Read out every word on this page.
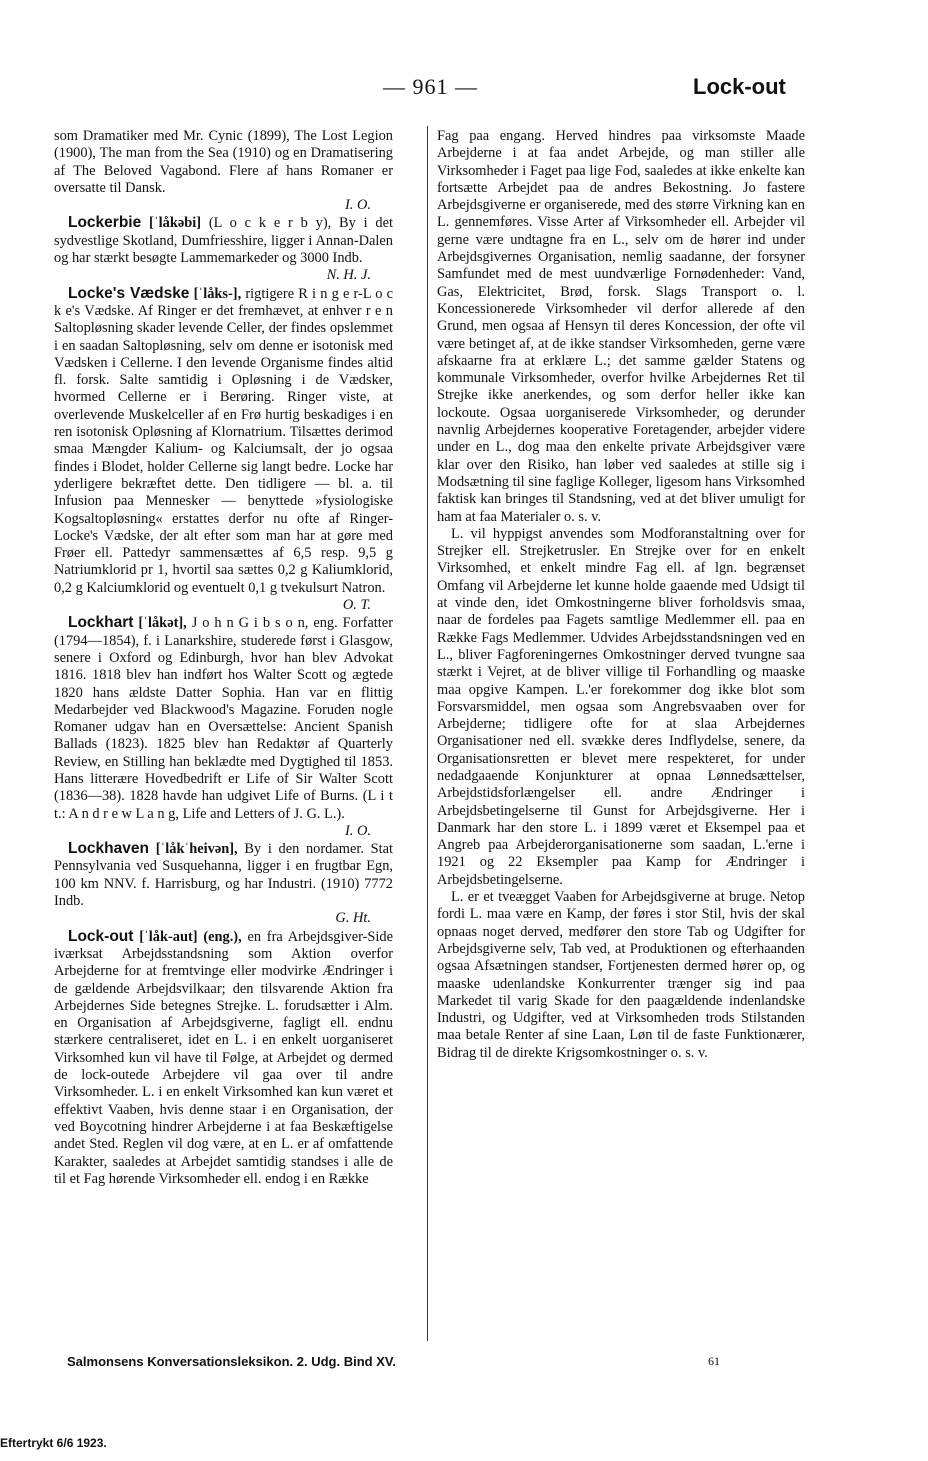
— 961 —	Lock-out

som Dramatiker med Mr. Cynic (1899), The Lost Legion (1900), The man from the Sea (1910) og en Dramatisering af The Beloved Vagabond. Flere af hans Romaner er oversatte til Dansk.
I. O.

Lockerbie [ˈlåkəbi] (L o c k e r b y), By i det sydvestlige Skotland, Dumfriesshire, ligger i Annan-Dalen og har stærkt besøgte Lammemarkeder og 3000 Indb.
N. H. J.

Locke's Vædske [ˈlåks-], rigtigere R i n g e r-L o c k e's Vædske. Af Ringer er det fremhævet, at enhver r e n Saltopløsning skader levende Celler, der findes opslemmet i en saadan Saltopløsning, selv om denne er isotonisk med Vædsken i Cellerne. I den levende Organisme findes altid fl. forsk. Salte samtidig i Opløsning i de Vædsker, hvormed Cellerne er i Berøring. Ringer viste, at overlevende Muskelceller af en Frø hurtig beskadiges i en ren isotonisk Opløsning af Klornatrium. Tilsættes derimod smaa Mængder Kalium- og Kalciumsalt, der jo ogsaa findes i Blodet, holder Cellerne sig langt bedre. Locke har yderligere bekræftet dette. Den tidligere — bl. a. til Infusion paa Mennesker — benyttede »fysiologiske Kogsaltopløsning« erstattes derfor nu ofte af Ringer-Locke's Vædske, der alt efter som man har at gøre med Frøer ell. Pattedyr sammensættes af 6,5 resp. 9,5 g Natriumklorid pr 1, hvortil saa sættes 0,2 g Kaliumklorid, 0,2 g Kalciumklorid og eventuelt 0,1 g tvekulsurt Natron.
O. T.

Lockhart [ˈlåkət], J o h n G i b s o n, eng. Forfatter (1794—1854), f. i Lanarkshire, studerede først i Glasgow, senere i Oxford og Edinburgh, hvor han blev Advokat 1816. 1818 blev han indført hos Walter Scott og ægtede 1820 hans ældste Datter Sophia. Han var en flittig Medarbejder ved Blackwood's Magazine. Foruden nogle Romaner udgav han en Oversættelse: Ancient Spanish Ballads (1823). 1825 blev han Redaktør af Quarterly Review, en Stilling han beklædte med Dygtighed til 1853. Hans litterære Hovedbedrift er Life of Sir Walter Scott (1836—38). 1828 havde han udgivet Life of Burns. (L i t t.: A n d r e w L a n g, Life and Letters of J. G. L.).
I. O.

Lockhaven [ˈlåkˈheivən], By i den nordamer. Stat Pennsylvania ved Susquehanna, ligger i en frugtbar Egn, 100 km NNV. f. Harrisburg, og har Industri. (1910) 7772 Indb.
G. Ht.

Lock-out [ˈlåk-aut] (eng.), en fra Arbejdsgiver-Side iværksat Arbejdsstandsning som Aktion overfor Arbejderne for at fremtvinge eller modvirke Ændringer i de gældende Arbejdsvilkaar; den tilsvarende Aktion fra Arbejdernes Side betegnes Strejke. L. forudsætter i Alm. en Organisation af Arbejdsgiverne, fagligt ell. endnu stærkere centraliseret, idet en L. i en enkelt uorganiseret Virksomhed kun vil have til Følge, at Arbejdet og dermed de lock-outede Arbejdere vil gaa over til andre Virksomheder. L. i en enkelt Virksomhed kan kun været et effektivt Vaaben, hvis denne staar i en Organisation, der ved Boycotning hindrer Arbejderne i at faa Beskæftigelse andet Sted. Reglen vil dog være, at en L. er af omfattende Karakter, saaledes at Arbejdet samtidig standses i alle de til et Fag hørende Virksomheder ell. endog i en Række

Fag paa engang. Herved hindres paa virksomste Maade Arbejderne i at faa andet Arbejde, og man stiller alle Virksomheder i Faget paa lige Fod, saaledes at ikke enkelte kan fortsætte Arbejdet paa de andres Bekostning. Jo fastere Arbejdsgiverne er organiserede, med des større Virkning kan en L. gennemføres. Visse Arter af Virksomheder ell. Arbejder vil gerne være undtagne fra en L., selv om de hører ind under Arbejdsgivernes Organisation, nemlig saadanne, der forsyner Samfundet med de mest uundværlige Fornødenheder: Vand, Gas, Elektricitet, Brød, forsk. Slags Transport o. l. Koncessionerede Virksomheder vil derfor allerede af den Grund, men ogsaa af Hensyn til deres Koncession, der ofte vil være betinget af, at de ikke standser Virksomheden, gerne være afskaarne fra at erklære L.; det samme gælder Statens og kommunale Virksomheder, overfor hvilke Arbejdernes Ret til Strejke ikke anerkendes, og som derfor heller ikke kan lockoute. Ogsaa uorganiserede Virksomheder, og derunder navnlig Arbejdernes kooperative Foretagender, arbejder videre under en L., dog maa den enkelte private Arbejdsgiver være klar over den Risiko, han løber ved saaledes at stille sig i Modsætning til sine faglige Kolleger, ligesom hans Virksomhed faktisk kan bringes til Standsning, ved at det bliver umuligt for ham at faa Materialer o. s. v.

L. vil hyppigst anvendes som Modforanstaltning over for Strejker ell. Strejketrusler. En Strejke over for en enkelt Virksomhed, et enkelt mindre Fag ell. af lgn. begrænset Omfang vil Arbejderne let kunne holde gaaende med Udsigt til at vinde den, idet Omkostningerne bliver forholdsvis smaa, naar de fordeles paa Fagets samtlige Medlemmer ell. paa en Række Fags Medlemmer. Udvides Arbejdsstandsningen ved en L., bliver Fagforeningernes Omkostninger derved tvungne saa stærkt i Vejret, at de bliver villige til Forhandling og maaske maa opgive Kampen. L.'er forekommer dog ikke blot som Forsvarsmiddel, men ogsaa som Angrebsvaaben over for Arbejderne; tidligere ofte for at slaa Arbejdernes Organisationer ned ell. svække deres Indflydelse, senere, da Organisationsretten er blevet mere respekteret, for under nedadgaaende Konjunkturer at opnaa Lønnedsættelser, Arbejdstidsforlængelser ell. andre Ændringer i Arbejdsbetingelserne til Gunst for Arbejdsgiverne. Her i Danmark har den store L. i 1899 været et Eksempel paa et Angreb paa Arbejderorganisationerne som saadan, L.'erne i 1921 og 22 Eksempler paa Kamp for Ændringer i Arbejdsbetingelserne.

L. er et tveægget Vaaben for Arbejdsgiverne at bruge. Netop fordi L. maa være en Kamp, der føres i stor Stil, hvis der skal opnaas noget derved, medfører den store Tab og Udgifter for Arbejdsgiverne selv, Tab ved, at Produktionen og efterhaanden ogsaa Afsætningen standser, Fortjenesten dermed hører op, og maaske udenlandske Konkurrenter trænger sig ind paa Markedet til varig Skade for den paagældende indenlandske Industri, og Udgifter, ved at Virksomheden trods Stilstanden maa betale Renter af sine Laan, Løn til de faste Funktionærer, Bidrag til de direkte Krigsomkostninger o. s. v.

Salmonsens Konversationsleksikon. 2. Udg. Bind XV.	61
Eftertrykt 6/6 1923.
